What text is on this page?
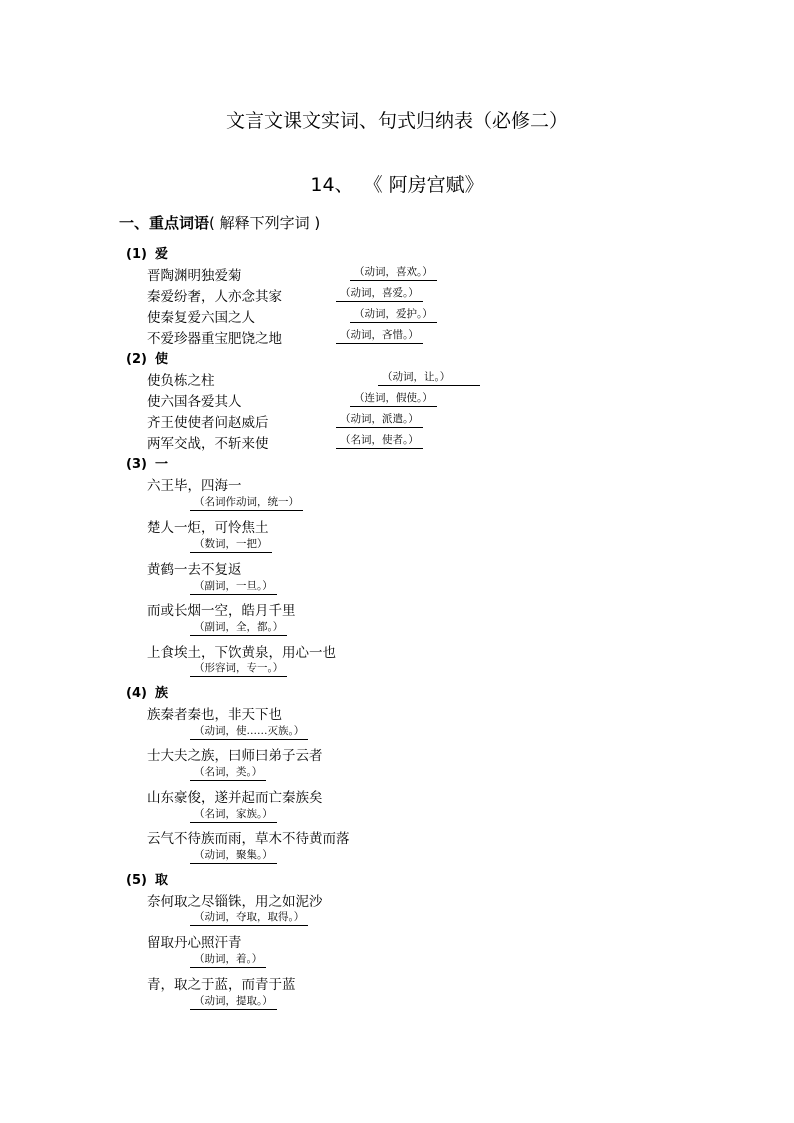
文言文课文实词、句式归纳表（必修二）
14、 《 阿房宫赋》
一、重点词语( 解释下列字词 )
(1) 爱
晋陶渊明独爱菊	（动词，喜欢。）
秦爱纷奢，人亦念其家	（动词，喜爱。）
使秦复爱六国之人	（动词，爱护。）
不爱珍器重宝肥饶之地	（动词，吝惜。）
(2) 使
使负栋之柱	（动词，让。）
使六国各爱其人	（连词，假使。）
齐王使使者问赵威后	（动词，派遣。）
两军交战，不斩来使	（名词，使者。）
(3) 一
六王毕，四海一
（名词作动词，统一）
楚人一炬，可怜焦土
（数词，一把）
黄鹤一去不复返
（副词，一旦。）
而或长烟一空，皓月千里
（副词，全，都。）
上食埃土，下饮黄泉，用心一也
（形容词，专一。）
(4) 族
族秦者秦也，非天下也
（动词，使……灭族。）
士大夫之族，曰师曰弟子云者
（名词，类。）
山东豪俊，遂并起而亡秦族矣
（名词，家族。）
云气不待族而雨，草木不待黄而落
（动词，聚集。）
(5) 取
奈何取之尽锱铢，用之如泥沙
（动词，夺取，取得。）
留取丹心照汗青
（助词，着。）
青，取之于蓝，而青于蓝
（动词，提取。）
